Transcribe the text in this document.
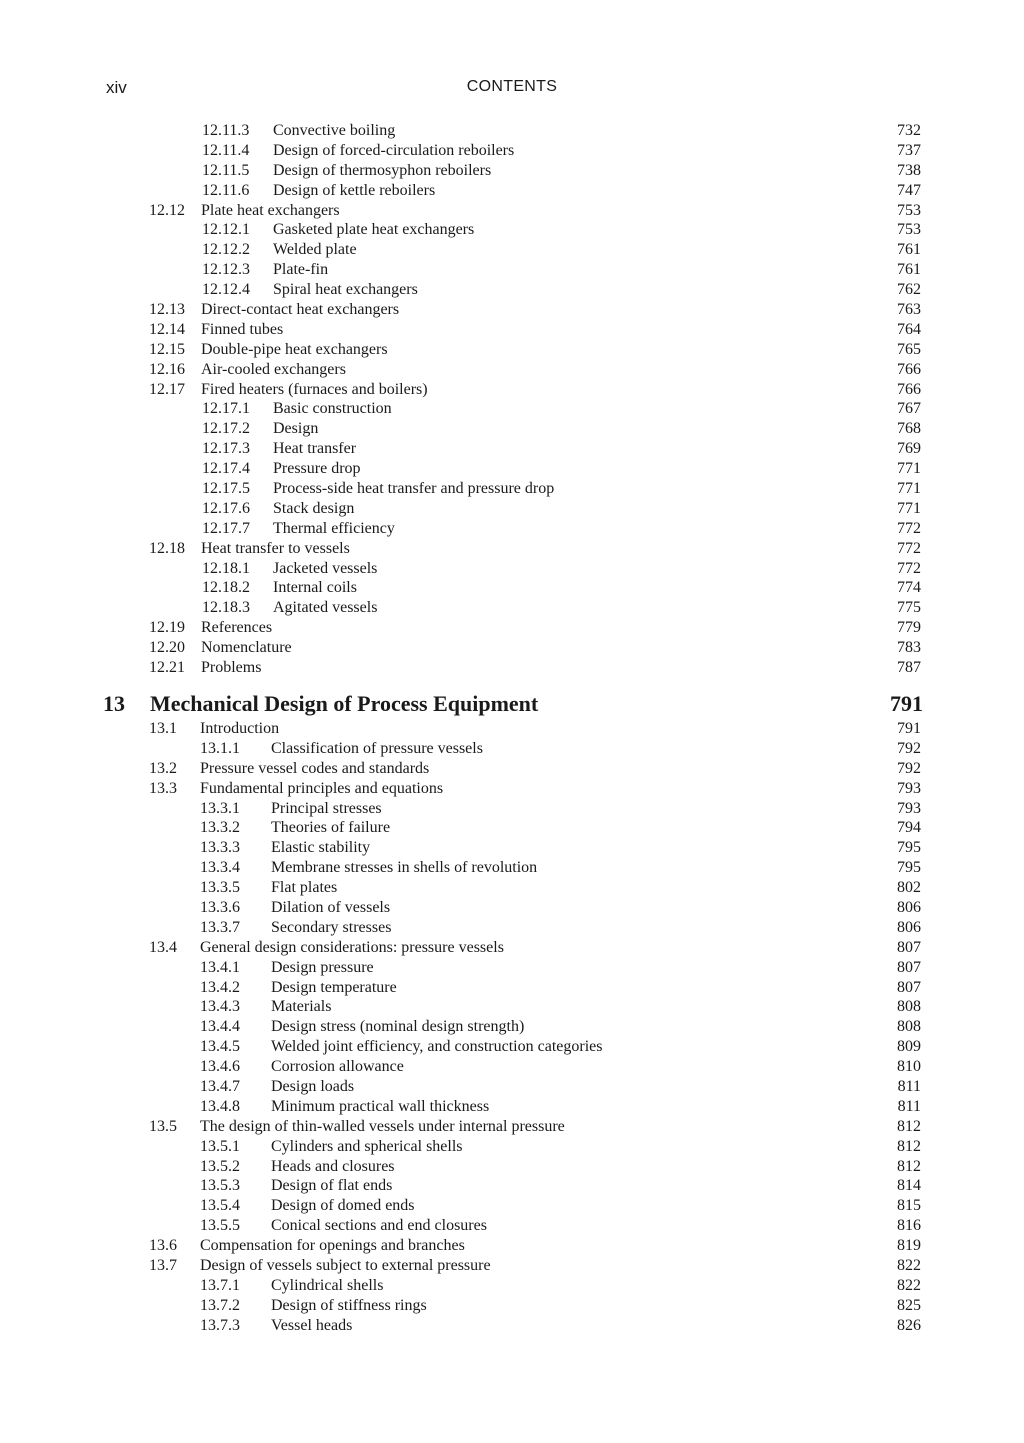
xiv	CONTENTS
12.11.3 Convective boiling	732
12.11.4 Design of forced-circulation reboilers	737
12.11.5 Design of thermosyphon reboilers	738
12.11.6 Design of kettle reboilers	747
12.12 Plate heat exchangers	753
12.12.1 Gasketed plate heat exchangers	753
12.12.2 Welded plate	761
12.12.3 Plate-fin	761
12.12.4 Spiral heat exchangers	762
12.13 Direct-contact heat exchangers	763
12.14 Finned tubes	764
12.15 Double-pipe heat exchangers	765
12.16 Air-cooled exchangers	766
12.17 Fired heaters (furnaces and boilers)	766
12.17.1 Basic construction	767
12.17.2 Design	768
12.17.3 Heat transfer	769
12.17.4 Pressure drop	771
12.17.5 Process-side heat transfer and pressure drop	771
12.17.6 Stack design	771
12.17.7 Thermal efficiency	772
12.18 Heat transfer to vessels	772
12.18.1 Jacketed vessels	772
12.18.2 Internal coils	774
12.18.3 Agitated vessels	775
12.19 References	779
12.20 Nomenclature	783
12.21 Problems	787
13 Mechanical Design of Process Equipment	791
13.1 Introduction	791
13.1.1 Classification of pressure vessels	792
13.2 Pressure vessel codes and standards	792
13.3 Fundamental principles and equations	793
13.3.1 Principal stresses	793
13.3.2 Theories of failure	794
13.3.3 Elastic stability	795
13.3.4 Membrane stresses in shells of revolution	795
13.3.5 Flat plates	802
13.3.6 Dilation of vessels	806
13.3.7 Secondary stresses	806
13.4 General design considerations: pressure vessels	807
13.4.1 Design pressure	807
13.4.2 Design temperature	807
13.4.3 Materials	808
13.4.4 Design stress (nominal design strength)	808
13.4.5 Welded joint efficiency, and construction categories	809
13.4.6 Corrosion allowance	810
13.4.7 Design loads	811
13.4.8 Minimum practical wall thickness	811
13.5 The design of thin-walled vessels under internal pressure	812
13.5.1 Cylinders and spherical shells	812
13.5.2 Heads and closures	812
13.5.3 Design of flat ends	814
13.5.4 Design of domed ends	815
13.5.5 Conical sections and end closures	816
13.6 Compensation for openings and branches	819
13.7 Design of vessels subject to external pressure	822
13.7.1 Cylindrical shells	822
13.7.2 Design of stiffness rings	825
13.7.3 Vessel heads	826
